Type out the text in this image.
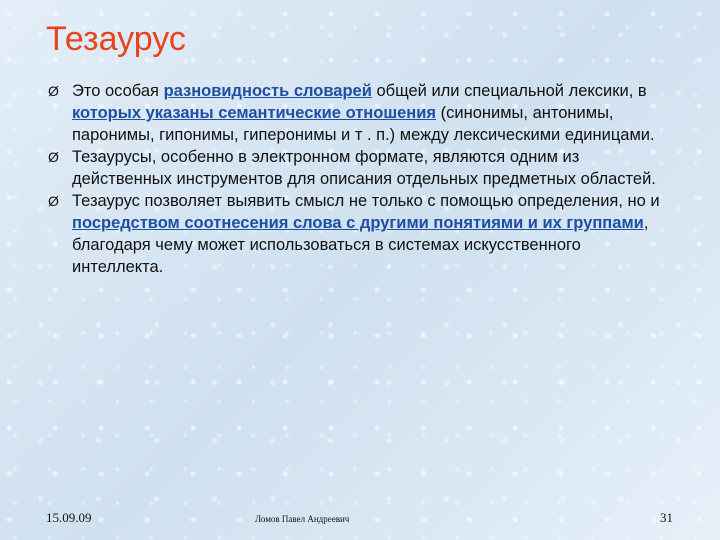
Тезаурус
Ø Это особая разновидность словарей общей или специальной лексики, в которых указаны семантические отношения (синонимы, антонимы, паронимы, гипонимы, гиперонимы и т . п.) между лексическими единицами.
Ø Тезаурусы, особенно в электронном формате, являются одним из действенных инструментов для описания отдельных предметных областей.
Ø Тезаурус позволяет выявить смысл не только с помощью определения, но и посредством соотнесения слова с другими понятиями и их группами, благодаря чему может использоваться в системах искусственного интеллекта.
15.09.09	Ломов Павел Андреевич	31
